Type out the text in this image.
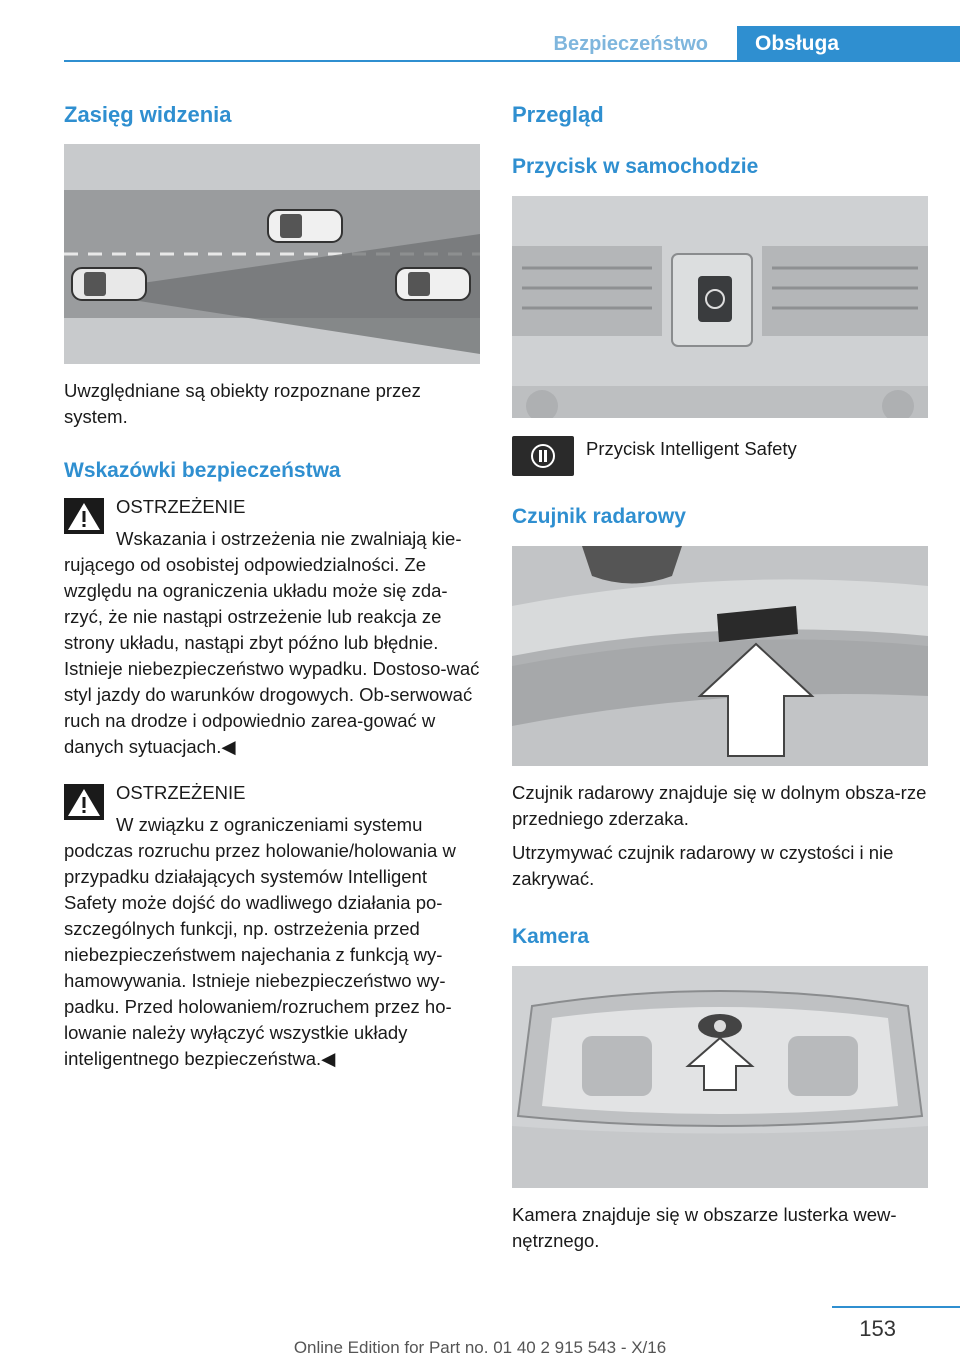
Bezpieczeństwo	Obsługa
Zasięg widzenia

Uwzględniane są obiekty rozpoznane przez system.

Wskazówki bezpieczeństwa
OSTRZEŻENIE
Wskazania i ostrzeżenia nie zwalniają kie-
rującego od osobistej odpowiedzialności. Ze względu na ograniczenia układu może się zda-rzyć, że nie nastąpi ostrzeżenie lub reakcja ze strony układu, nastąpi zbyt późno lub błędnie. Istnieje niebezpieczeństwo wypadku. Dostoso-wać styl jazdy do warunków drogowych. Ob-serwować ruch na drodze i odpowiednio zarea-gować w danych sytuacjach.◀
OSTRZEŻENIE
W związku z ograniczeniami systemu
podczas rozruchu przez holowanie/holowania w przypadku działających systemów Intelligent Safety może dojść do wadliwego działania po-szczególnych funkcji, np. ostrzeżenia przed niebezpieczeństwem najechania z funkcją wy-hamowywania. Istnieje niebezpieczeństwo wy-padku. Przed holowaniem/rozruchem przez ho-lowanie należy wyłączyć wszystkie układy inteligentnego bezpieczeństwa.◀
Przegląd
Przycisk w samochodzie

Przycisk Intelligent Safety

Czujnik radarowy

Czujnik radarowy znajduje się w dolnym obsza-rze przedniego zderzaka.

Utrzymywać czujnik radarowy w czystości i nie zakrywać.

Kamera

Kamera znajduje się w obszarze lusterka wew-nętrznego.

153
Online Edition for Part no. 01 40 2 915 543 - X/16
